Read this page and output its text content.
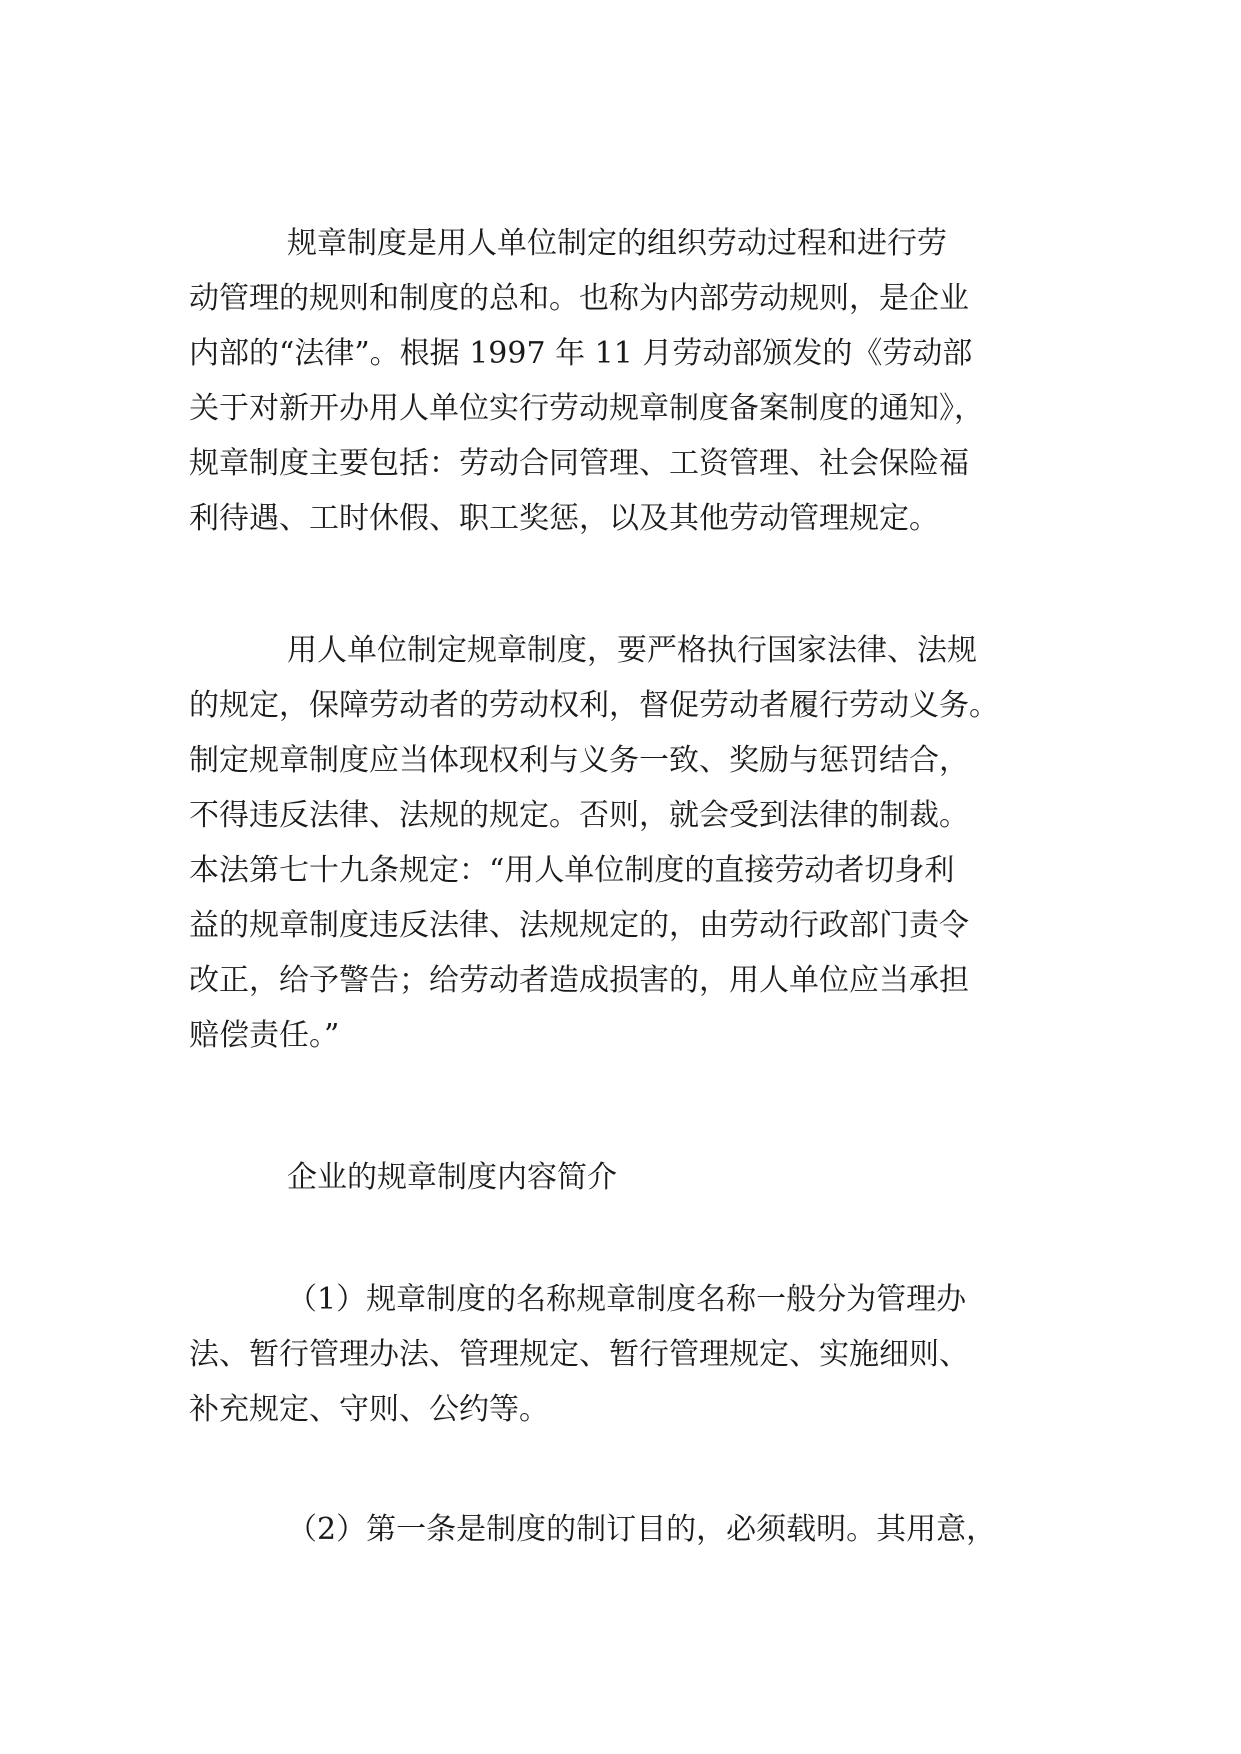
规章制度是用人单位制定的组织劳动过程和进行劳
动管理的规则和制度的总和。也称为内部劳动规则，是企业
内部的“法律”。根据 1997 年 11 月劳动部颁发的《劳动部
关于对新开办用人单位实行劳动规章制度备案制度的通知》，
规章制度主要包括：劳动合同管理、工资管理、社会保险福
利待遇、工时休假、职工奖惩，以及其他劳动管理规定。
用人单位制定规章制度，要严格执行国家法律、法规
的规定，保障劳动者的劳动权利，督促劳动者履行劳动义务。
制定规章制度应当体现权利与义务一致、奖励与惩罚结合，
不得违反法律、法规的规定。否则，就会受到法律的制裁。
本法第七十九条规定：“用人单位制度的直接劳动者切身利
益的规章制度违反法律、法规规定的，由劳动行政部门责令
改正，给予警告；给劳动者造成损害的，用人单位应当承担
赔偿责任。”
企业的规章制度内容简介
（1）规章制度的名称规章制度名称一般分为管理办
法、暂行管理办法、管理规定、暂行管理规定、实施细则、
补充规定、守则、公约等。
（2）第一条是制度的制订目的，必须载明。其用意，
